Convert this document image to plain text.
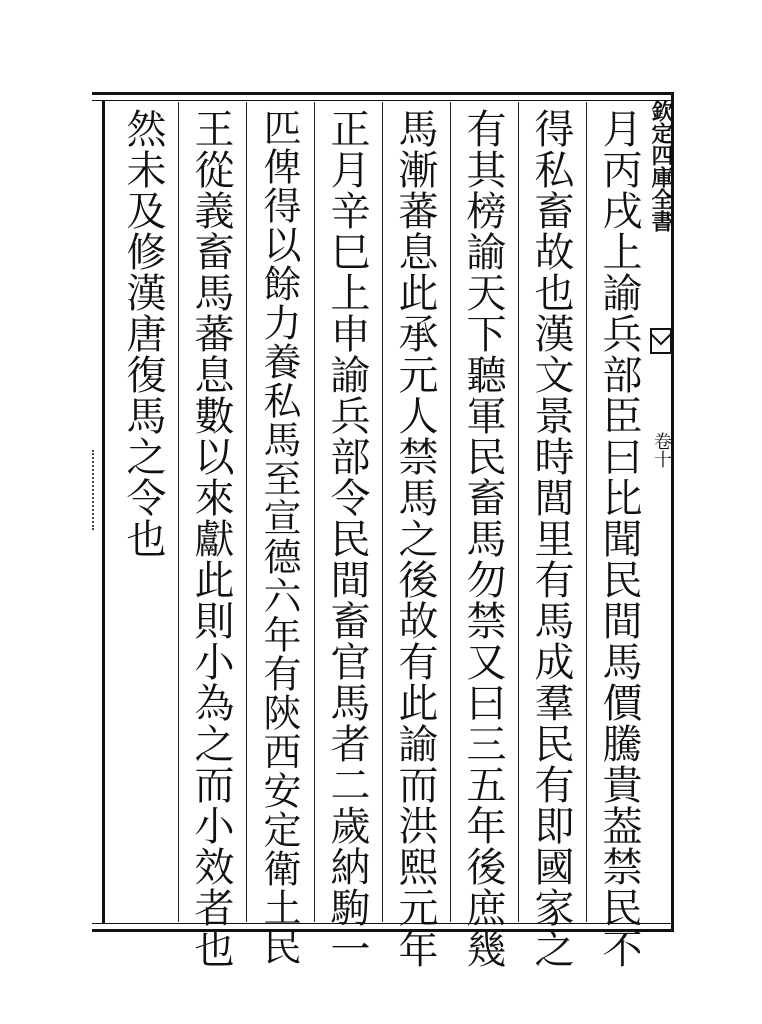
月丙戌上諭兵部臣曰比聞民間馬價騰貴葢禁民不
得私畜故也漢文景時閭里有馬成羣民有即國家之
有其榜諭天下聽軍民畜馬勿禁又曰三五年後庶幾
馬漸蕃息此承元人禁馬之後故有此諭而洪熙元年
正月辛巳上申諭兵部令民間畜官馬者二歲納駒一
匹俾得以餘力養私馬至宣德六年有陝西安定衛土民
王從義畜馬蕃息數以來獻此則小為之而小效者也
然未及修漢唐復馬之令也	欽定四庫全書
卷十
